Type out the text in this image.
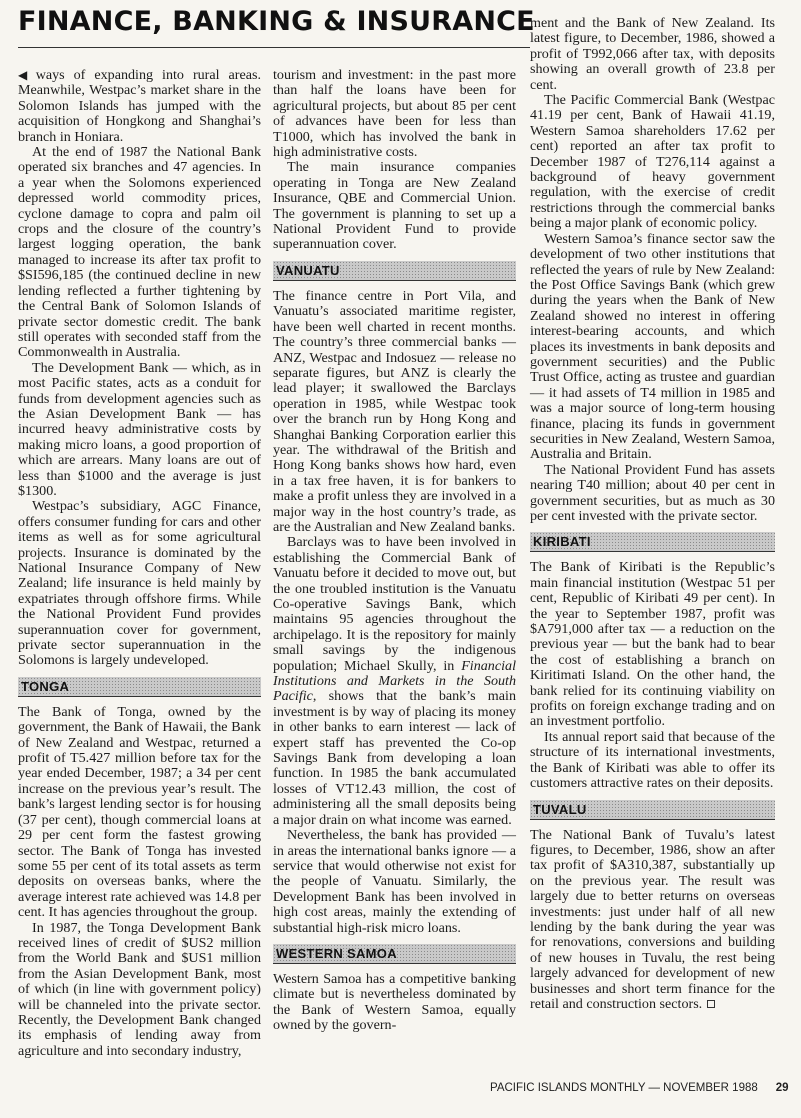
FINANCE, BANKING & INSURANCE

◀ ways of expanding into rural areas. Meanwhile, Westpac’s market share in the Solomon Islands has jumped with the acquisition of Hongkong and Shanghai’s branch in Honiara.

At the end of 1987 the National Bank operated six branches and 47 agencies. In a year when the Solomons experienced depressed world commodity prices, cyclone damage to copra and palm oil crops and the closure of the country’s largest logging operation, the bank managed to increase its after tax profit to $SI596,185 (the continued decline in new lending reflected a further tightening by the Central Bank of Solomon Islands of private sector domestic credit. The bank still operates with seconded staff from the Commonwealth in Australia.

The Development Bank — which, as in most Pacific states, acts as a conduit for funds from development agencies such as the Asian Development Bank — has incurred heavy administrative costs by making micro loans, a good proportion of which are arrears. Many loans are out of less than $1000 and the average is just $1300.

Westpac’s subsidiary, AGC Finance, offers consumer funding for cars and other items as well as for some agricultural projects. Insurance is dominated by the National Insurance Company of New Zealand; life insurance is held mainly by expatriates through offshore firms. While the National Provident Fund provides superannuation cover for government, private sector superannuation in the Solomons is largely undeveloped.

TONGA

The Bank of Tonga, owned by the government, the Bank of Hawaii, the Bank of New Zealand and Westpac, returned a profit of T5.427 million before tax for the year ended December, 1987; a 34 per cent increase on the previous year’s result. The bank’s largest lending sector is for housing (37 per cent), though commercial loans at 29 per cent form the fastest growing sector. The Bank of Tonga has invested some 55 per cent of its total assets as term deposits on overseas banks, where the average interest rate achieved was 14.8 per cent. It has agencies throughout the group.

In 1987, the Tonga Development Bank received lines of credit of $US2 million from the World Bank and $US1 million from the Asian Development Bank, most of which (in line with government policy) will be channeled into the private sector. Recently, the Development Bank changed its emphasis of lending away from agriculture and into secondary industry,

tourism and investment: in the past more than half the loans have been for agricultural projects, but about 85 per cent of advances have been for less than T1000, which has involved the bank in high administrative costs.

The main insurance companies operating in Tonga are New Zealand Insurance, QBE and Commercial Union. The government is planning to set up a National Provident Fund to provide superannuation cover.

VANUATU

The finance centre in Port Vila, and Vanuatu’s associated maritime register, have been well charted in recent months. The country’s three commercial banks — ANZ, Westpac and Indosuez — release no separate figures, but ANZ is clearly the lead player; it swallowed the Barclays operation in 1985, while Westpac took over the branch run by Hong Kong and Shanghai Banking Corporation earlier this year. The withdrawal of the British and Hong Kong banks shows how hard, even in a tax free haven, it is for bankers to make a profit unless they are involved in a major way in the host country’s trade, as are the Australian and New Zealand banks.

Barclays was to have been involved in establishing the Commercial Bank of Vanuatu before it decided to move out, but the one troubled institution is the Vanuatu Co-operative Savings Bank, which maintains 95 agencies throughout the archipelago. It is the repository for mainly small savings by the indigenous population; Michael Skully, in Financial Institutions and Markets in the South Pacific, shows that the bank’s main investment is by way of placing its money in other banks to earn interest — lack of expert staff has prevented the Co-op Savings Bank from developing a loan function. In 1985 the bank accumulated losses of VT12.43 million, the cost of administering all the small deposits being a major drain on what income was earned.

Nevertheless, the bank has provided — in areas the international banks ignore — a service that would otherwise not exist for the people of Vanuatu. Similarly, the Development Bank has been involved in high cost areas, mainly the extending of substantial high-risk micro loans.

WESTERN SAMOA

Western Samoa has a competitive banking climate but is nevertheless dominated by the Bank of Western Samoa, equally owned by the govern-

ment and the Bank of New Zealand. Its latest figure, to December, 1986, showed a profit of T992,066 after tax, with deposits showing an overall growth of 23.8 per cent.

The Pacific Commercial Bank (Westpac 41.19 per cent, Bank of Hawaii 41.19, Western Samoa shareholders 17.62 per cent) reported an after tax profit to December 1987 of T276,114 against a background of heavy government regulation, with the exercise of credit restrictions through the commercial banks being a major plank of economic policy.

Western Samoa’s finance sector saw the development of two other institutions that reflected the years of rule by New Zealand: the Post Office Savings Bank (which grew during the years when the Bank of New Zealand showed no interest in offering interest-bearing accounts, and which places its investments in bank deposits and government securities) and the Public Trust Office, acting as trustee and guardian — it had assets of T4 million in 1985 and was a major source of long-term housing finance, placing its funds in government securities in New Zealand, Western Samoa, Australia and Britain.

The National Provident Fund has assets nearing T40 million; about 40 per cent in government securities, but as much as 30 per cent invested with the private sector.

KIRIBATI

The Bank of Kiribati is the Republic’s main financial institution (Westpac 51 per cent, Republic of Kiribati 49 per cent). In the year to September 1987, profit was $A791,000 after tax — a reduction on the previous year — but the bank had to bear the cost of establishing a branch on Kiritimati Island. On the other hand, the bank relied for its continuing viability on profits on foreign exchange trading and on an investment portfolio.

Its annual report said that because of the structure of its international investments, the Bank of Kiribati was able to offer its customers attractive rates on their deposits.

TUVALU

The National Bank of Tuvalu’s latest figures, to December, 1986, show an after tax profit of $A310,387, substantially up on the previous year. The result was largely due to better returns on overseas investments: just under half of all new lending by the bank during the year was for renovations, conversions and building of new houses in Tuvalu, the rest being largely advanced for development of new businesses and short term finance for the retail and construction sectors.

PACIFIC ISLANDS MONTHLY — NOVEMBER 1988 29
